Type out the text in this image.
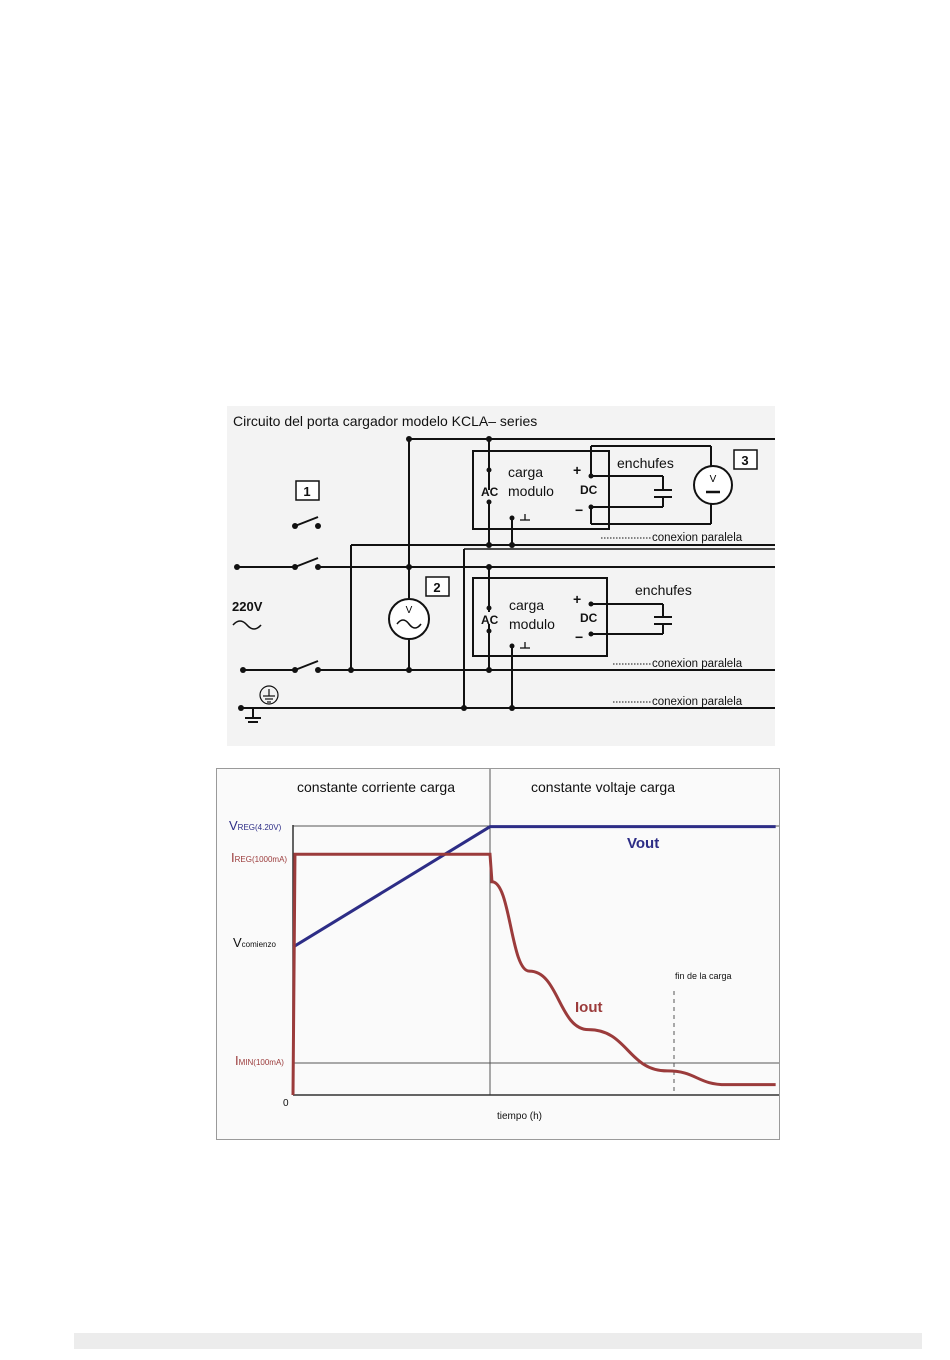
V
V
Circuito del porta cargador modelo KCLA– series
1
2
3
220V
carga
modulo
AC	DC
+
−
enchufes
carga
modulo
AC	DC
+
−
enchufes
conexion paralela
conexion paralela
conexion paralela
constante corriente carga	constante voltaje carga
VREG(4.20V)
IREG(1000mA)
Vcomienzo
IMIN(100mA)
0
tiempo (h)
Vout
Iout
fin de la carga
